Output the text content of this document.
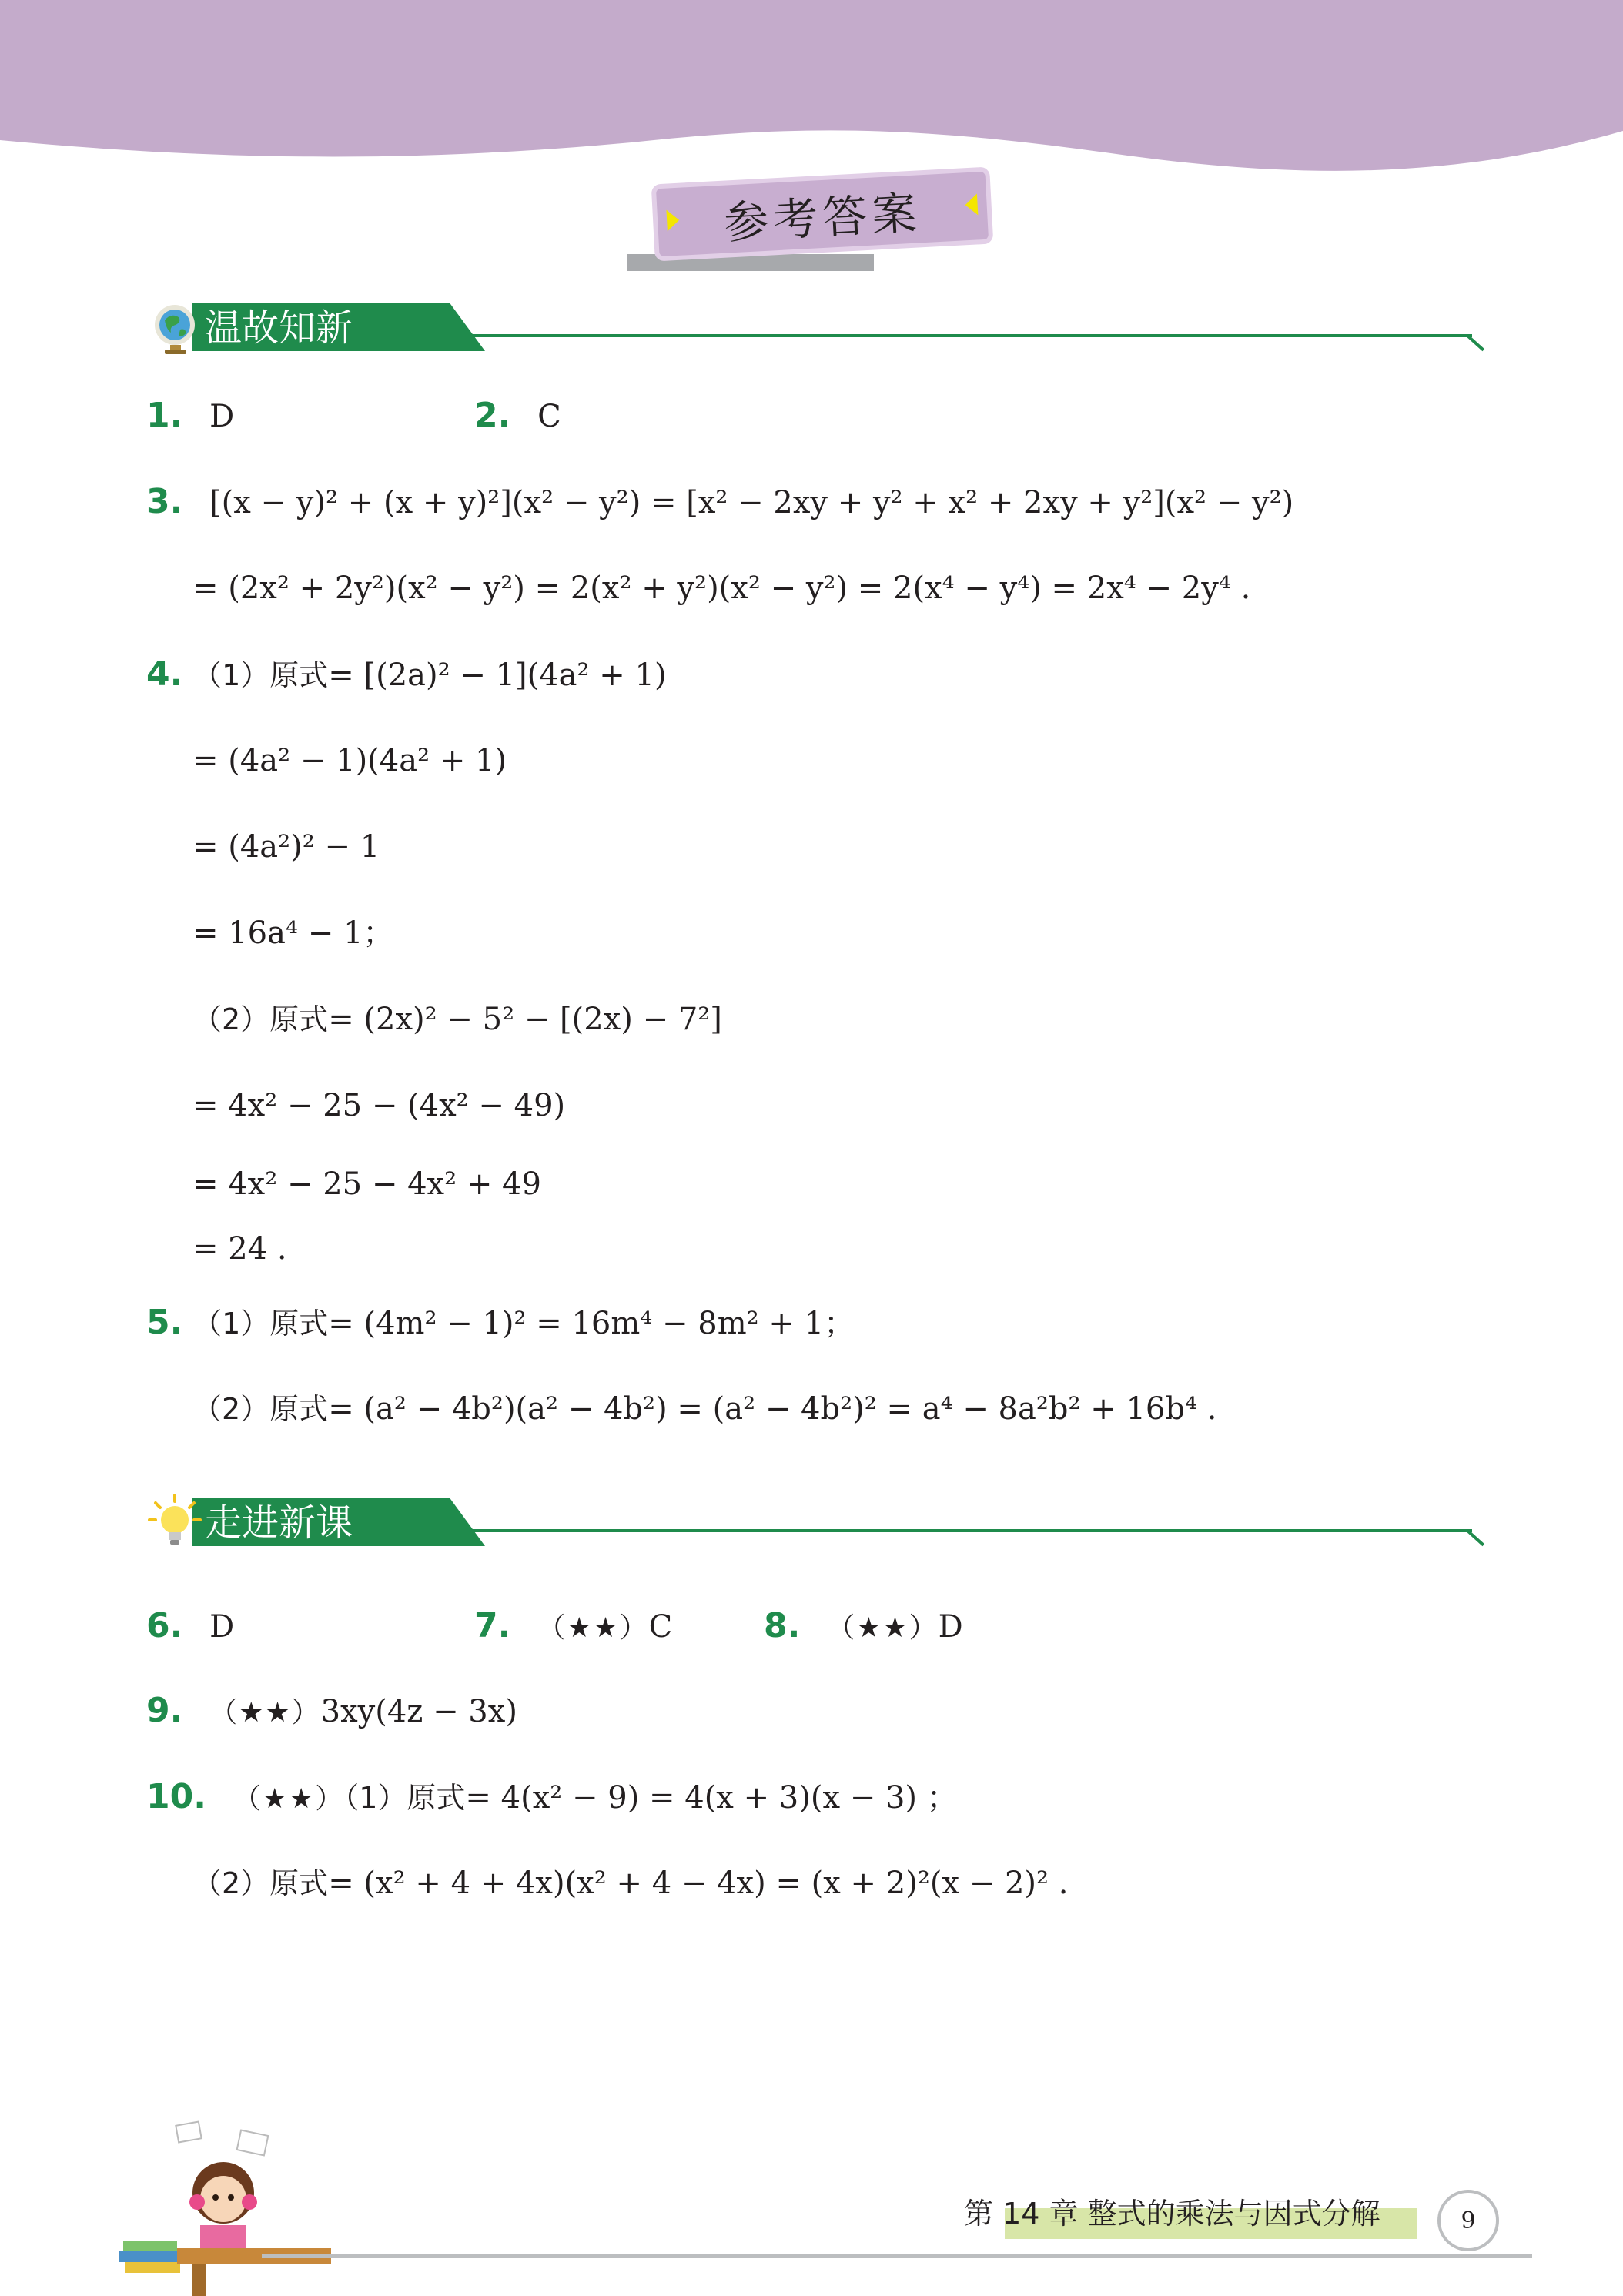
参考答案
温故知新
1. D	2. C
3. [(x − y)² + (x + y)²](x² − y²) = [x² − 2xy + y² + x² + 2xy + y²](x² − y²)
= (2x² + 2y²)(x² − y²) = 2(x² + y²)(x² − y²) = 2(x⁴ − y⁴) = 2x⁴ − 2y⁴ .
4. （1）原式= [(2a)² − 1](4a² + 1)
= (4a² − 1)(4a² + 1)
= (4a²)² − 1
= 16a⁴ − 1；
（2）原式= (2x)² − 5² − [(2x) − 7²]
= 4x² − 25 − (4x² − 49)
= 4x² − 25 − 4x² + 49
= 24 .
5. （1）原式= (4m² − 1)² = 16m⁴ − 8m² + 1；
（2）原式= (a² − 4b²)(a² − 4b²) = (a² − 4b²)² = a⁴ − 8a²b² + 16b⁴ .
走进新课
6. D	7. （★★）C	8. （★★）D
9. （★★）3xy(4z − 3x)
10. （★★）（1）原式= 4(x² − 9) = 4(x + 3)(x − 3) ；
（2）原式= (x² + 4 + 4x)(x² + 4 − 4x) = (x + 2)²(x − 2)² .
第 14 章 整式的乘法与因式分解	9
